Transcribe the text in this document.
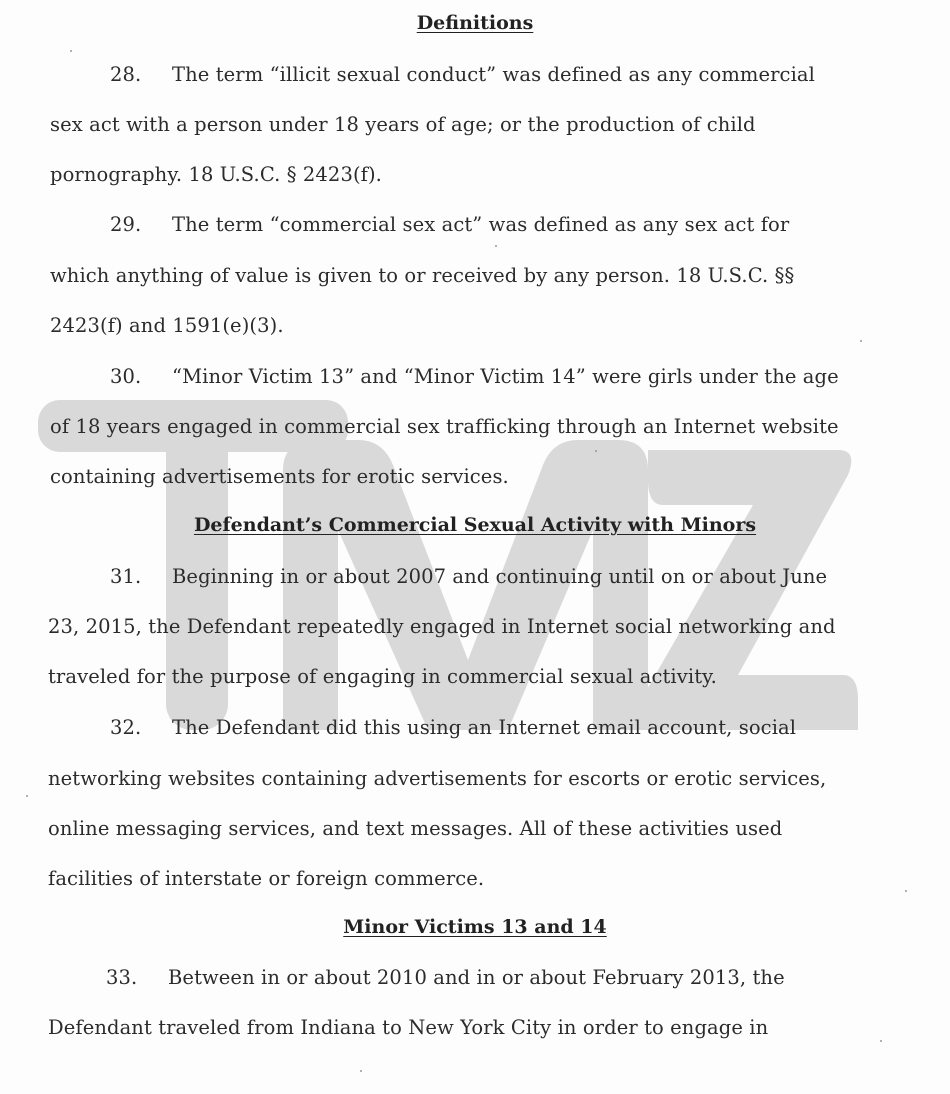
Definitions
28. The term “illicit sexual conduct” was defined as any commercial
sex act with a person under 18 years of age; or the production of child
pornography. 18 U.S.C. § 2423(f).
29. The term “commercial sex act” was defined as any sex act for
which anything of value is given to or received by any person. 18 U.S.C. §§
2423(f) and 1591(e)(3).
30. “Minor Victim 13” and “Minor Victim 14” were girls under the age
of 18 years engaged in commercial sex trafficking through an Internet website
containing advertisements for erotic services.
Defendant’s Commercial Sexual Activity with Minors
31. Beginning in or about 2007 and continuing until on or about June
23, 2015, the Defendant repeatedly engaged in Internet social networking and
traveled for the purpose of engaging in commercial sexual activity.
32. The Defendant did this using an Internet email account, social
networking websites containing advertisements for escorts or erotic services,
online messaging services, and text messages. All of these activities used
facilities of interstate or foreign commerce.
Minor Victims 13 and 14
33. Between in or about 2010 and in or about February 2013, the
Defendant traveled from Indiana to New York City in order to engage in
